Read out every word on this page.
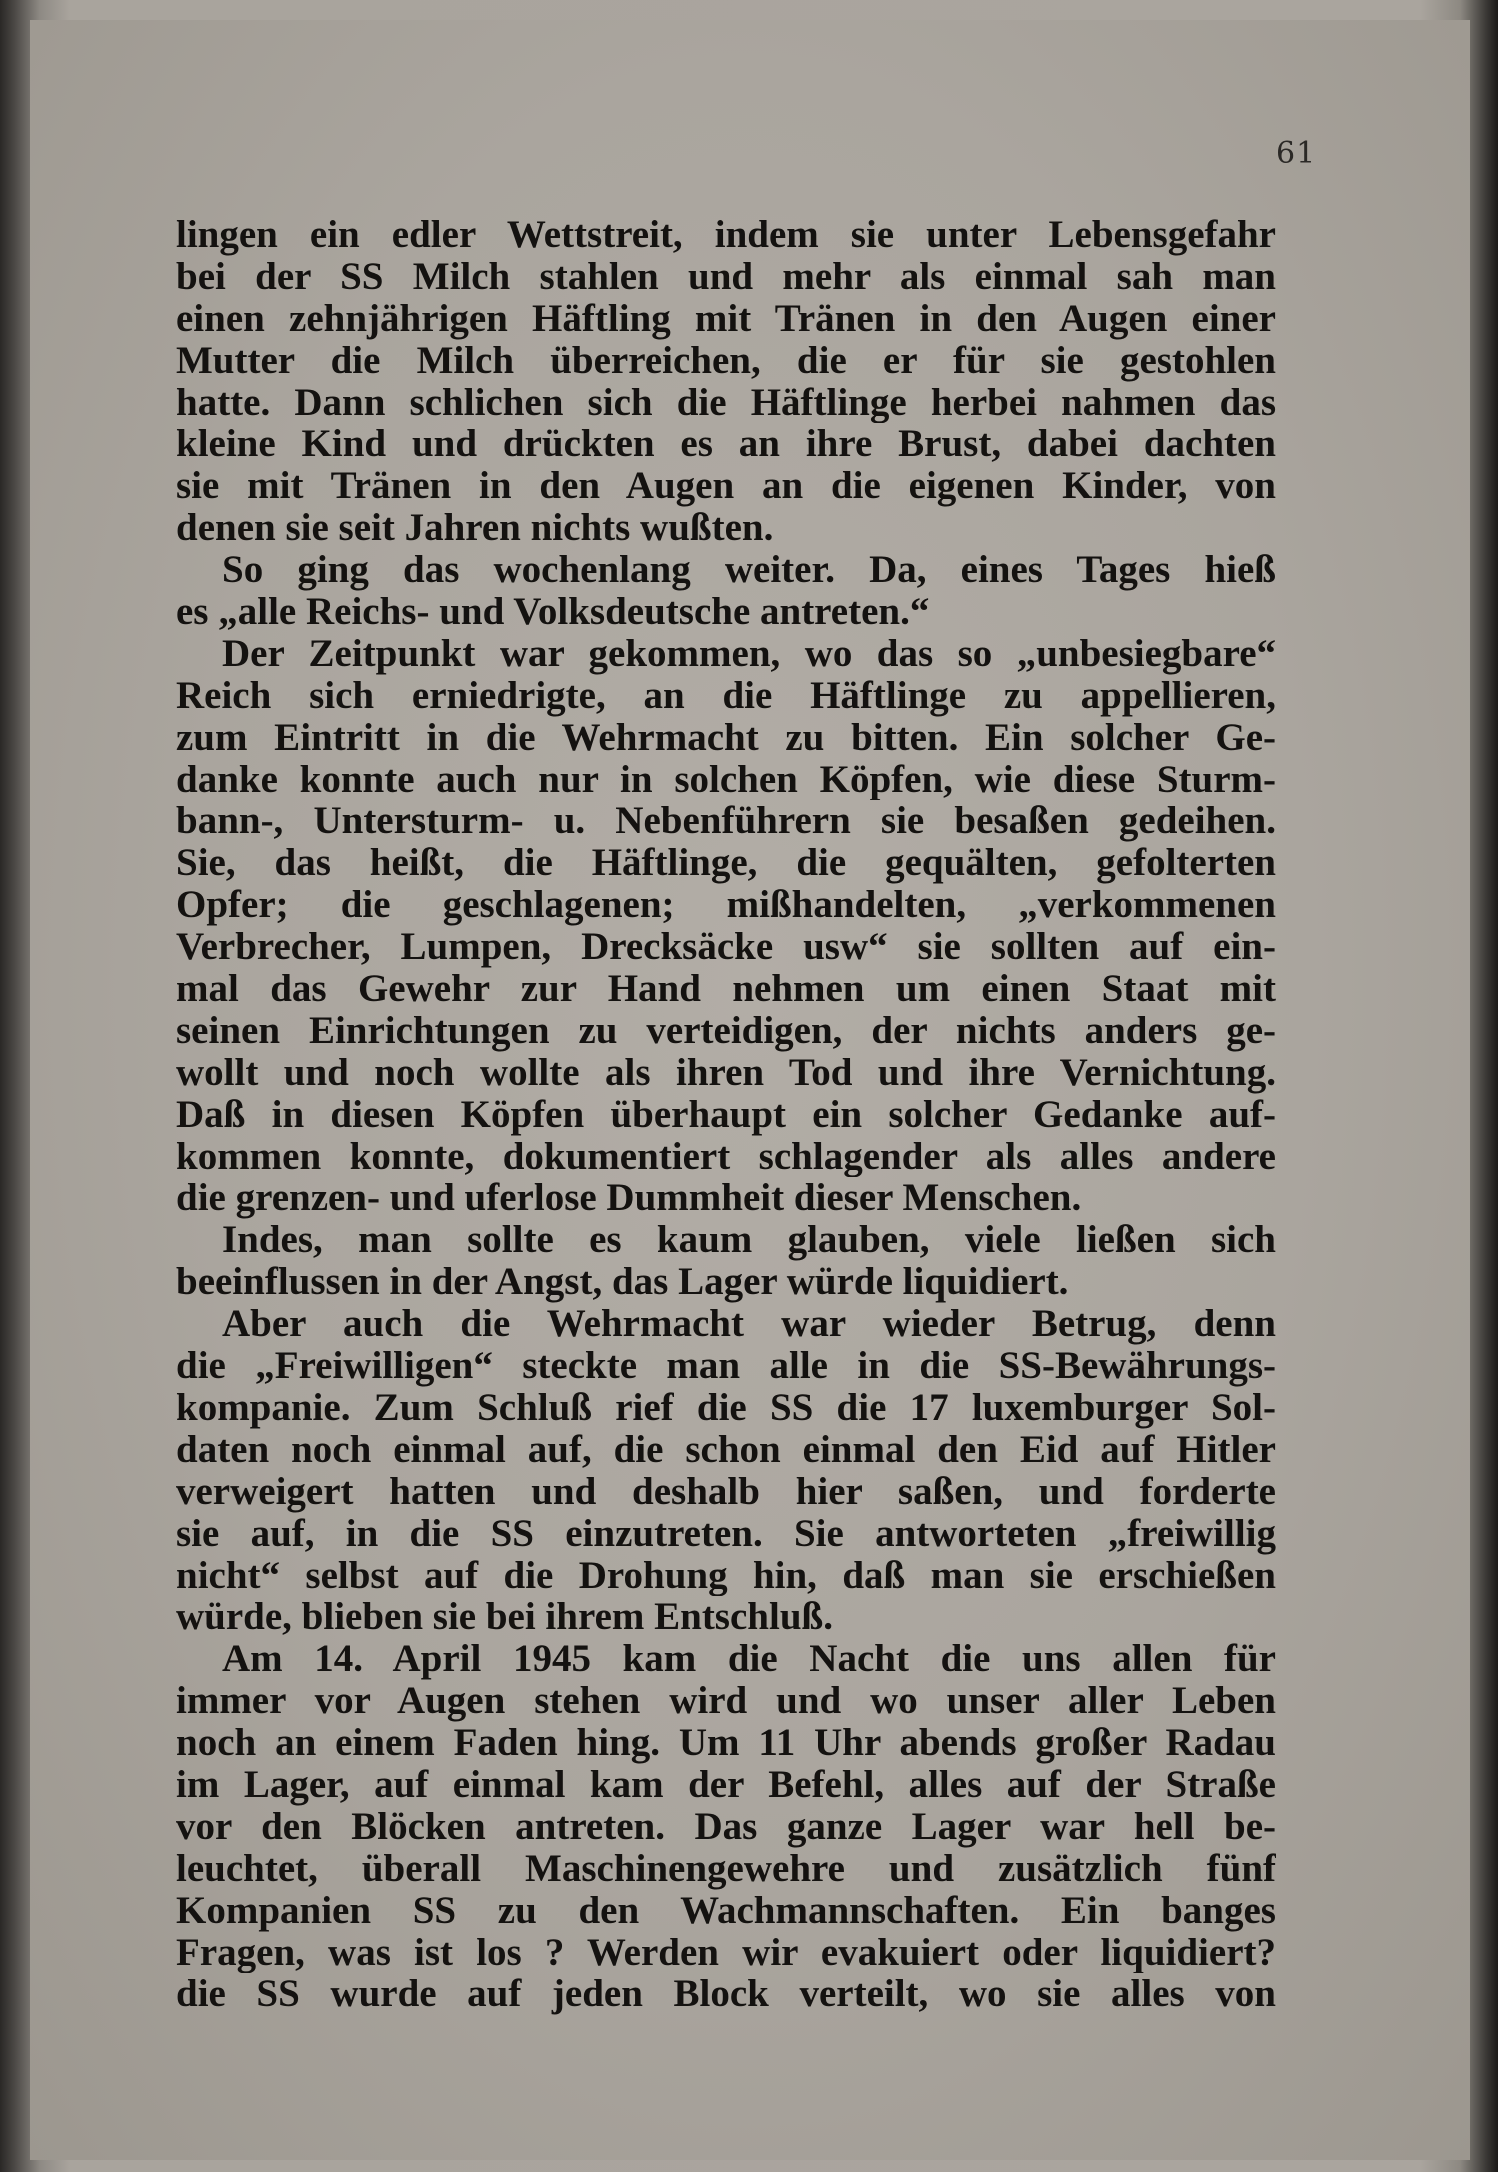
61
lingen ein edler Wettstreit, indem sie unter Lebensgefahr
bei der SS Milch stahlen und mehr als einmal sah man
einen zehnjährigen Häftling mit Tränen in den Augen einer
Mutter die Milch überreichen, die er für sie gestohlen
hatte. Dann schlichen sich die Häftlinge herbei nahmen das
kleine Kind und drückten es an ihre Brust, dabei dachten
sie mit Tränen in den Augen an die eigenen Kinder, von
denen sie seit Jahren nichts wußten.
So ging das wochenlang weiter. Da, eines Tages hieß
es „alle Reichs- und Volksdeutsche antreten.“
Der Zeitpunkt war gekommen, wo das so „unbesiegbare“
Reich sich erniedrigte, an die Häftlinge zu appellieren,
zum Eintritt in die Wehrmacht zu bitten. Ein solcher Ge-
danke konnte auch nur in solchen Köpfen, wie diese Sturm-
bann-, Untersturm- u. Nebenführern sie besaßen gedeihen.
Sie, das heißt, die Häftlinge, die gequälten, gefolterten
Opfer; die geschlagenen; mißhandelten, „verkommenen
Verbrecher, Lumpen, Drecksäcke usw“ sie sollten auf ein-
mal das Gewehr zur Hand nehmen um einen Staat mit
seinen Einrichtungen zu verteidigen, der nichts anders ge-
wollt und noch wollte als ihren Tod und ihre Vernichtung.
Daß in diesen Köpfen überhaupt ein solcher Gedanke auf-
kommen konnte, dokumentiert schlagender als alles andere
die grenzen- und uferlose Dummheit dieser Menschen.
Indes, man sollte es kaum glauben, viele ließen sich
beeinflussen in der Angst, das Lager würde liquidiert.
Aber auch die Wehrmacht war wieder Betrug, denn
die „Freiwilligen“ steckte man alle in die SS-Bewährungs-
kompanie. Zum Schluß rief die SS die 17 luxemburger Sol-
daten noch einmal auf, die schon einmal den Eid auf Hitler
verweigert hatten und deshalb hier saßen, und forderte
sie auf, in die SS einzutreten. Sie antworteten „freiwillig
nicht“ selbst auf die Drohung hin, daß man sie erschießen
würde, blieben sie bei ihrem Entschluß.
Am 14. April 1945 kam die Nacht die uns allen für
immer vor Augen stehen wird und wo unser aller Leben
noch an einem Faden hing. Um 11 Uhr abends großer Radau
im Lager, auf einmal kam der Befehl, alles auf der Straße
vor den Blöcken antreten. Das ganze Lager war hell be-
leuchtet, überall Maschinengewehre und zusätzlich fünf
Kompanien SS zu den Wachmannschaften. Ein banges
Fragen, was ist los ? Werden wir evakuiert oder liquidiert?
die SS wurde auf jeden Block verteilt, wo sie alles von
